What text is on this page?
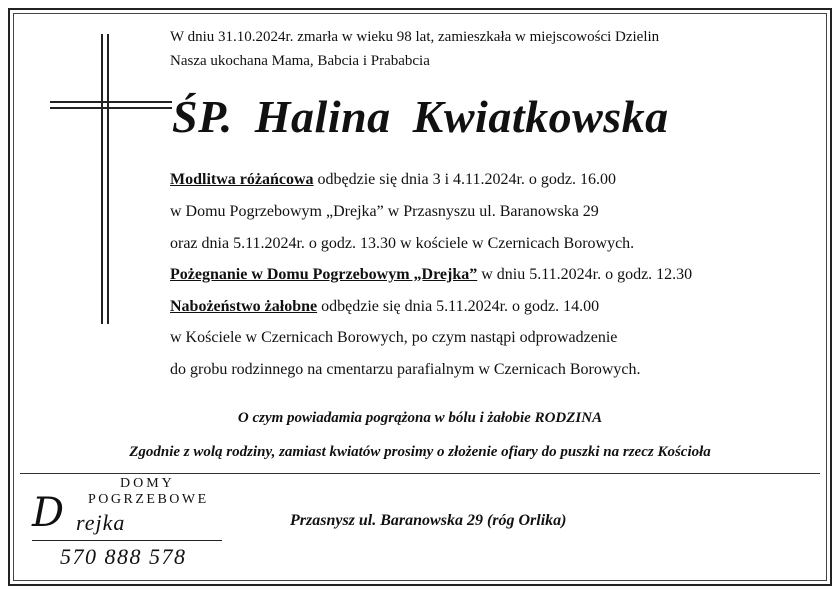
W dniu 31.10.2024r. zmarła w wieku 98 lat, zamieszkała w miejscowości Dzielin
Nasza ukochana Mama, Babcia i Prababcia
ŚP. Halina Kwiatkowska
Modlitwa różańcowa odbędzie się dnia 3 i 4.11.2024r. o godz. 16.00
w Domu Pogrzebowym „Drejka” w Przasnyszu ul. Baranowska 29
oraz dnia 5.11.2024r. o godz. 13.30 w kościele w Czernicach Borowych.
Pożegnanie w Domu Pogrzebowym „Drejka” w dniu 5.11.2024r. o godz. 12.30
Nabożeństwo żałobne odbędzie się dnia 5.11.2024r. o godz. 14.00
w Kościele w Czernicach Borowych, po czym nastąpi odprowadzenie
do grobu rodzinnego na cmentarzu parafialnym w Czernicach Borowych.
O czym powiadamia pogrążona w bólu i żałobie RODZINA
Zgodnie z wolą rodziny, zamiast kwiatów prosimy o złożenie ofiary do puszki na rzecz Kościoła
DOMY
POGRZEBOWE
D rejka
570 888 578
Przasnysz ul. Baranowska 29 (róg Orlika)
